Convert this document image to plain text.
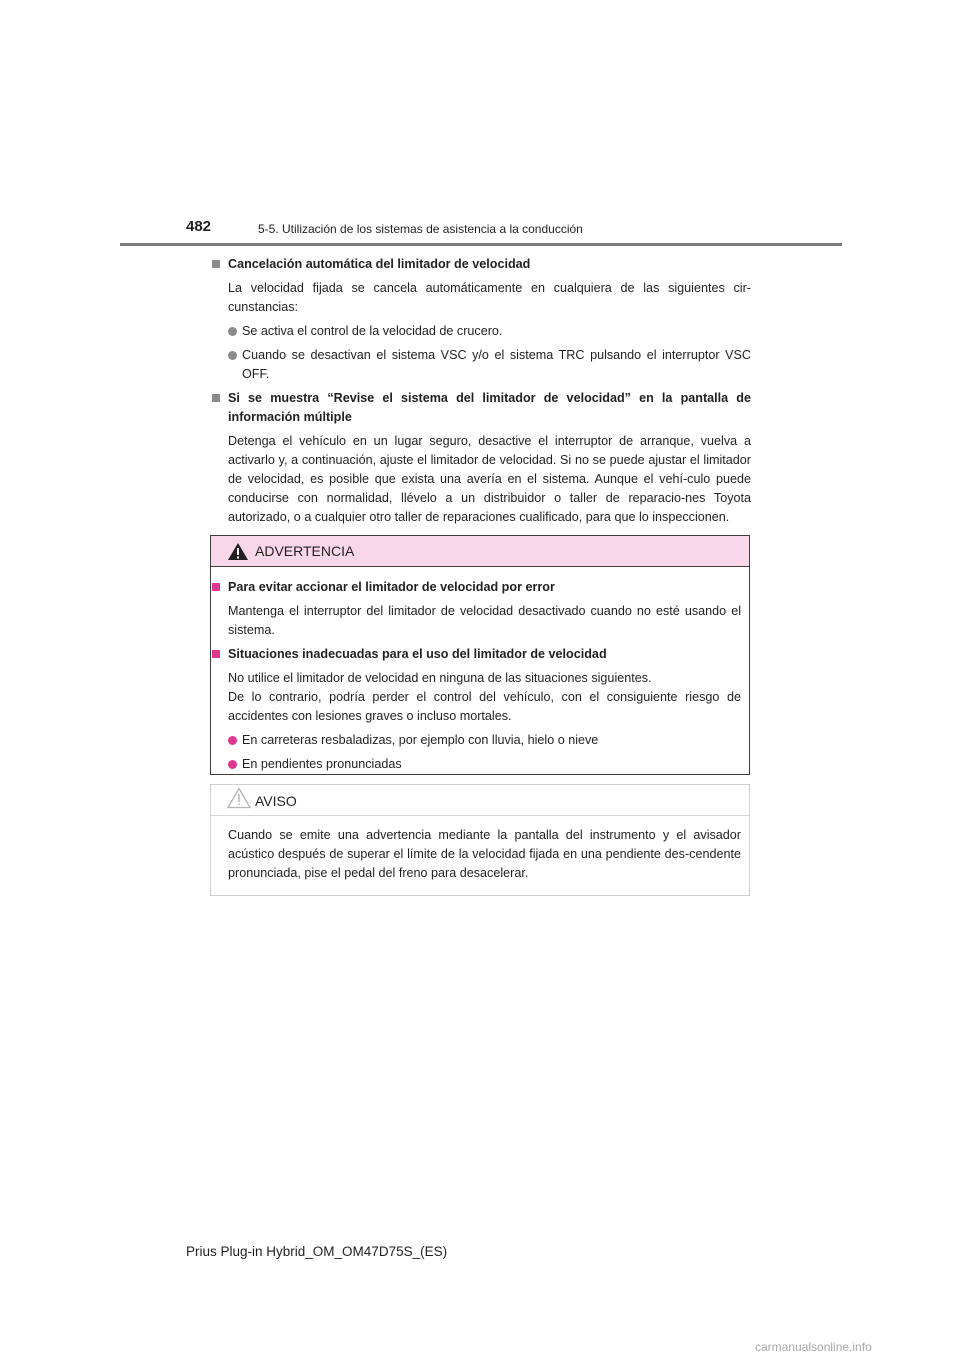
482	5-5. Utilización de los sistemas de asistencia a la conducción
Cancelación automática del limitador de velocidad
La velocidad fijada se cancela automáticamente en cualquiera de las siguientes cir-cunstancias:
Se activa el control de la velocidad de crucero.
Cuando se desactivan el sistema VSC y/o el sistema TRC pulsando el interruptor VSC OFF.
Si se muestra “Revise el sistema del limitador de velocidad” en la pantalla de información múltiple
Detenga el vehículo en un lugar seguro, desactive el interruptor de arranque, vuelva a activarlo y, a continuación, ajuste el limitador de velocidad. Si no se puede ajustar el limitador de velocidad, es posible que exista una avería en el sistema. Aunque el vehí-culo puede conducirse con normalidad, llévelo a un distribuidor o taller de reparacio-nes Toyota autorizado, o a cualquier otro taller de reparaciones cualificado, para que lo inspeccionen.
ADVERTENCIA
Para evitar accionar el limitador de velocidad por error
Mantenga el interruptor del limitador de velocidad desactivado cuando no esté usando el sistema.
Situaciones inadecuadas para el uso del limitador de velocidad
No utilice el limitador de velocidad en ninguna de las situaciones siguientes.
De lo contrario, podría perder el control del vehículo, con el consiguiente riesgo de accidentes con lesiones graves o incluso mortales.
En carreteras resbaladizas, por ejemplo con lluvia, hielo o nieve
En pendientes pronunciadas
AVISO
Cuando se emite una advertencia mediante la pantalla del instrumento y el avisador acústico después de superar el límite de la velocidad fijada en una pendiente des-cendente pronunciada, pise el pedal del freno para desacelerar.
Prius Plug-in Hybrid_OM_OM47D75S_(ES)
carmanualsonline.info
